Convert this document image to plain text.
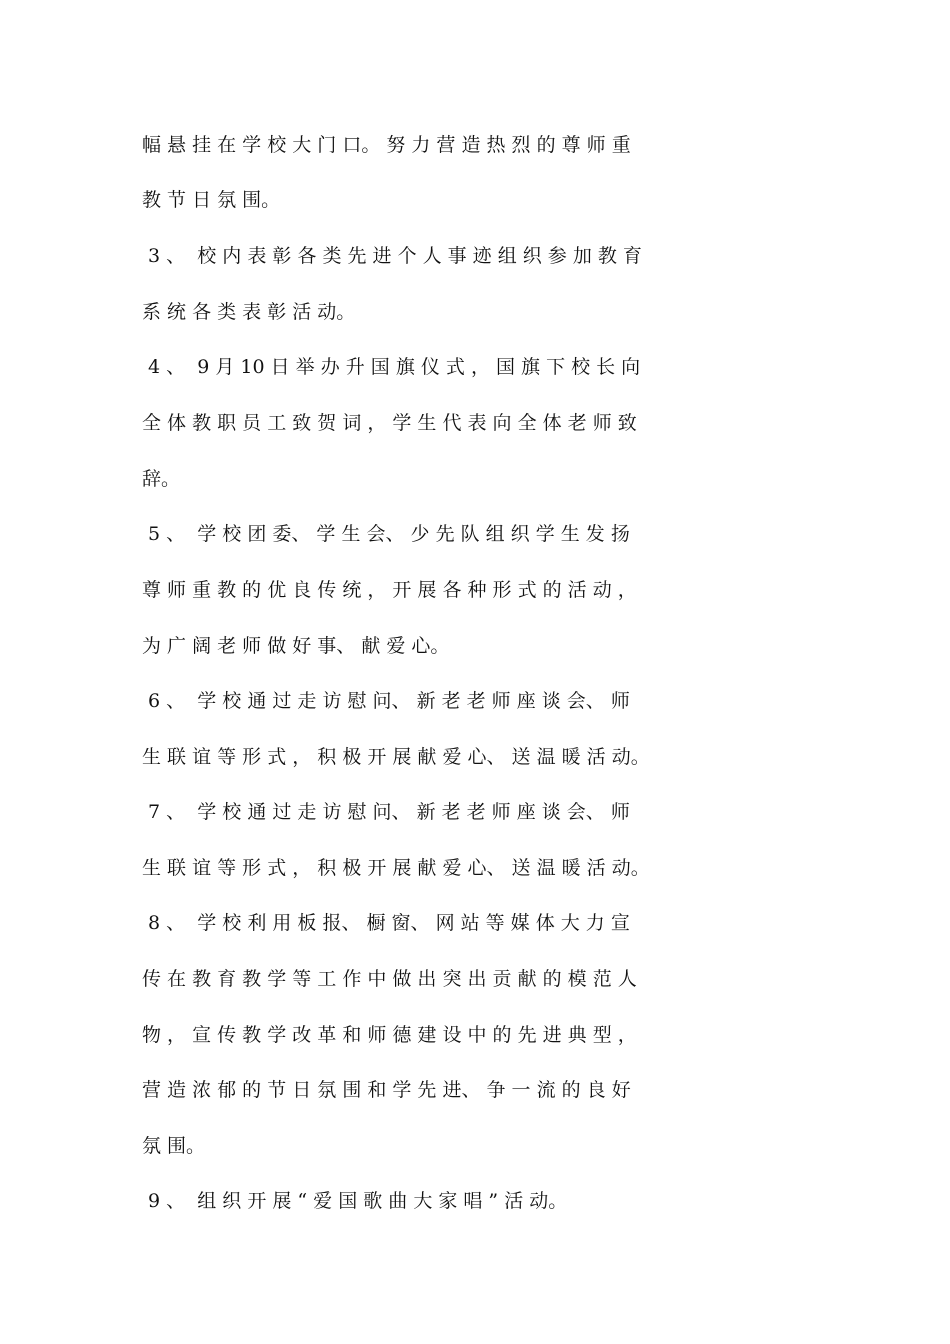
幅 悬 挂 在 学 校 大 门 口。 努 力 营 造 热 烈 的 尊 师 重
教 节 日 氛 围。
3 、  校 内 表 彰 各 类 先 进 个 人 事 迹 组 织 参 加 教 育
系 统 各 类 表 彰 活 动。
4 、  9 月 10 日 举 办 升 国 旗 仪 式 ， 国 旗 下 校 长 向
全 体 教 职 员 工 致 贺 词 ， 学 生 代 表 向 全 体 老 师 致
辞。
5 、  学 校 团 委、 学 生 会、 少 先 队 组 织 学 生 发 扬
尊 师 重 教 的 优 良 传 统 ， 开 展 各 种 形 式 的 活 动 ，
为 广 阔 老 师 做 好 事、 献 爱 心。
6 、  学 校 通 过 走 访 慰 问、 新 老 老 师 座 谈 会、 师
生 联 谊 等 形 式 ， 积 极 开 展 献 爱 心、 送 温 暖 活 动。
7 、  学 校 通 过 走 访 慰 问、 新 老 老 师 座 谈 会、 师
生 联 谊 等 形 式 ， 积 极 开 展 献 爱 心、 送 温 暖 活 动。
8 、  学 校 利 用 板 报、 橱 窗、 网 站 等 媒 体 大 力 宣
传 在 教 育 教 学 等 工 作 中 做 出 突 出 贡 献 的 模 范 人
物 ， 宣 传 教 学 改 革 和 师 德 建 设 中 的 先 进 典 型 ，
营 造 浓 郁 的 节 日 氛 围 和 学 先 进、 争 一 流 的 良 好
氛 围。
9 、  组 织 开 展 “ 爱 国 歌 曲 大 家 唱 ” 活 动。
